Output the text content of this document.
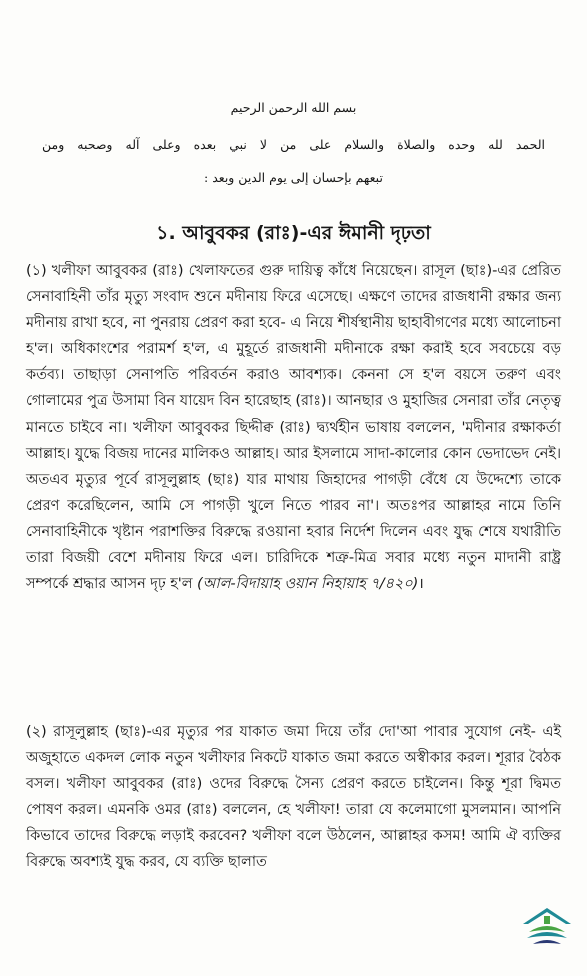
بسم الله الرحمن الرحيم
الحمد لله وحده والصلاة والسلام على من لا نبي بعده وعلى آله وصحبه ومن
تبعهم بإحسان إلى يوم الدين وبعد :
১. আবুবকর (রাঃ)-এর ঈমানী দৃঢ়তা
(১) খলীফা আবুবকর (রাঃ) খেলাফতের গুরু দায়িত্ব কাঁধে নিয়েছেন। রাসূল (ছাঃ)-এর প্রেরিত সেনাবাহিনী তাঁর মৃত্যু সংবাদ শুনে মদীনায় ফিরে এসেছে। এক্ষণে তাদের রাজধানী রক্ষার জন্য মদীনায় রাখা হবে, না পুনরায় প্রেরণ করা হবে- এ নিয়ে শীর্ষস্থানীয় ছাহাবীগণের মধ্যে আলোচনা হ'ল। অধিকাংশের পরামর্শ হ'ল, এ মুহূর্তে রাজধানী মদীনাকে রক্ষা করাই হবে সবচেয়ে বড় কর্তব্য। তাছাড়া সেনাপতি পরিবর্তন করাও আবশ্যক। কেননা সে হ'ল বয়সে তরুণ এবং গোলামের পুত্র উসামা বিন যায়েদ বিন হারেছাহ (রাঃ)। আনছার ও মুহাজির সেনারা তাঁর নেতৃত্ব মানতে চাইবে না। খলীফা আবুবকর ছিদ্দীক্ব (রাঃ) দ্ব্যর্থহীন ভাষায় বললেন, 'মদীনার রক্ষাকর্তা আল্লাহ। যুদ্ধে বিজয় দানের মালিকও আল্লাহ। আর ইসলামে সাদা-কালোর কোন ভেদাভেদ নেই। অতএব মৃত্যুর পূর্বে রাসূলুল্লাহ (ছাঃ) যার মাথায় জিহাদের পাগড়ী বেঁধে যে উদ্দেশ্যে তাকে প্রেরণ করেছিলেন, আমি সে পাগড়ী খুলে নিতে পারব না'। অতঃপর আল্লাহর নামে তিনি সেনাবাহিনীকে খৃষ্টান পরাশক্তির বিরুদ্ধে রওয়ানা হবার নির্দেশ দিলেন এবং যুদ্ধ শেষে যথারীতি তারা বিজয়ী বেশে মদীনায় ফিরে এল। চারিদিকে শত্রু-মিত্র সবার মধ্যে নতুন মাদানী রাষ্ট্র সম্পর্কে শ্রদ্ধার আসন দৃঢ় হ'ল (আল-বিদায়াহ ওয়ান নিহায়াহ ৭/৪২০)।
(২) রাসূলুল্লাহ (ছাঃ)-এর মৃত্যুর পর যাকাত জমা দিয়ে তাঁর দো'আ পাবার সুযোগ নেই- এই অজুহাতে একদল লোক নতুন খলীফার নিকটে যাকাত জমা করতে অস্বীকার করল। শূরার বৈঠক বসল। খলীফা আবুবকর (রাঃ) ওদের বিরুদ্ধে সৈন্য প্রেরণ করতে চাইলেন। কিন্তু শূরা দ্বিমত পোষণ করল। এমনকি ওমর (রাঃ) বললেন, হে খলীফা! তারা যে কলেমাগো মুসলমান। আপনি কিভাবে তাদের বিরুদ্ধে লড়াই করবেন? খলীফা বলে উঠলেন, আল্লাহর কসম! আমি ঐ ব্যক্তির বিরুদ্ধে অবশ্যই যুদ্ধ করব, যে ব্যক্তি ছালাত
